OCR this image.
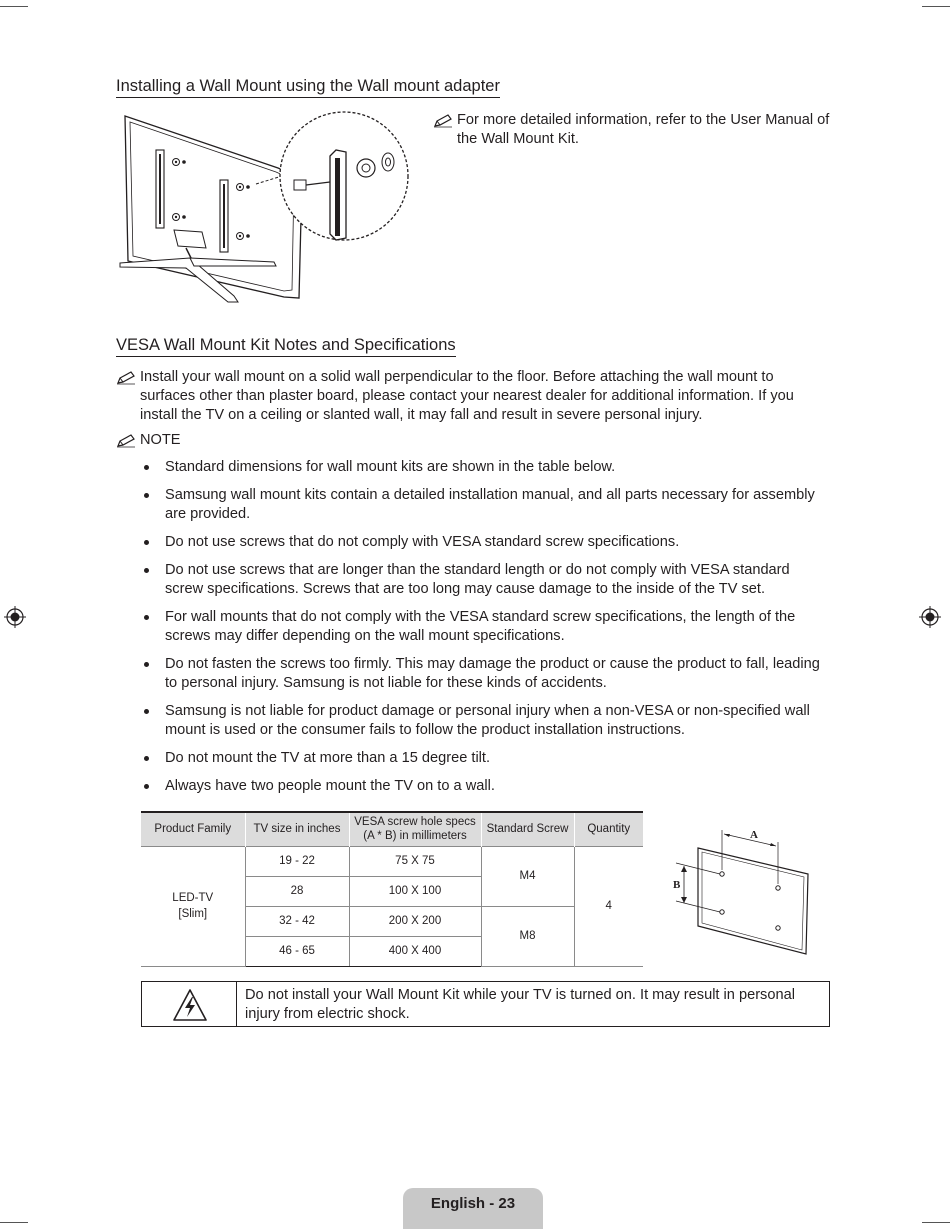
Installing a Wall Mount using the Wall mount adapter
For more detailed information, refer to the User Manual of the Wall Mount Kit.
VESA Wall Mount Kit Notes and Specifications
Install your wall mount on a solid wall perpendicular to the floor. Before attaching the wall mount to surfaces other than plaster board, please contact your nearest dealer for additional information. If you install the TV on a ceiling or slanted wall, it may fall and result in severe personal injury.
NOTE
Standard dimensions for wall mount kits are shown in the table below.
Samsung wall mount kits contain a detailed installation manual, and all parts necessary for assembly are provided.
Do not use screws that do not comply with VESA standard screw specifications.
Do not use screws that are longer than the standard length or do not comply with VESA standard screw specifications. Screws that are too long may cause damage to the inside of the TV set.
For wall mounts that do not comply with the VESA standard screw specifications, the length of the screws may differ depending on the wall mount specifications.
Do not fasten the screws too firmly. This may damage the product or cause the product to fall, leading to personal injury. Samsung is not liable for these kinds of accidents.
Samsung is not liable for product damage or personal injury when a non-VESA or non-specified wall mount is used or the consumer fails to follow the product installation instructions.
Do not mount the TV at more than a 15 degree tilt.
Always have two people mount the TV on to a wall.
Product Family	TV size in inches	VESA screw hole specs (A * B) in millimeters	Standard Screw	Quantity

LED-TV
[Slim]	19 - 22	75 X 75	M4	4
	28	100 X 100		
	32 - 42	200 X 200	M8	
	46 - 65	400 X 400		
A
B
Do not install your Wall Mount Kit while your TV is turned on. It may result in personal injury from electric shock.
English - 23
